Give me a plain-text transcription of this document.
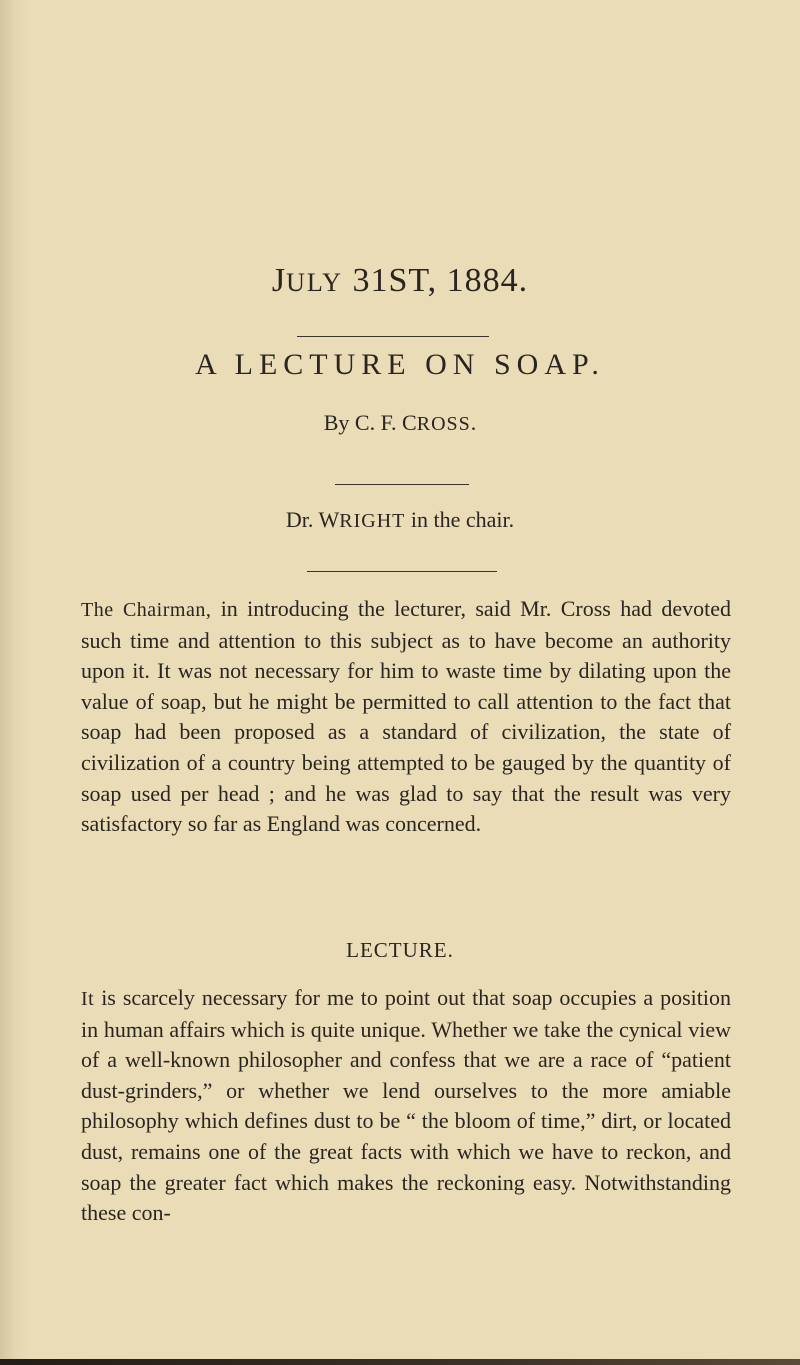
JULY 31ST, 1884.
A LECTURE ON SOAP.

By C. F. CROSS.

Dr. WRIGHT in the chair.

The Chairman, in introducing the lecturer, said Mr. Cross had devoted such time and attention to this subject as to have become an authority upon it. It was not necessary for him to waste time by dilating upon the value of soap, but he might be permitted to call attention to the fact that soap had been proposed as a standard of civilization, the state of civilization of a country being attempted to be gauged by the quantity of soap used per head ; and he was glad to say that the result was very satisfactory so far as England was concerned.

LECTURE.

It is scarcely necessary for me to point out that soap occupies a position in human affairs which is quite unique. Whether we take the cynical view of a well-known philosopher and confess that we are a race of “patient dust-grinders,” or whether we lend ourselves to the more amiable philosophy which defines dust to be “ the bloom of time,” dirt, or located dust, remains one of the great facts with which we have to reckon, and soap the greater fact which makes the reckoning easy. Notwithstanding these con-
